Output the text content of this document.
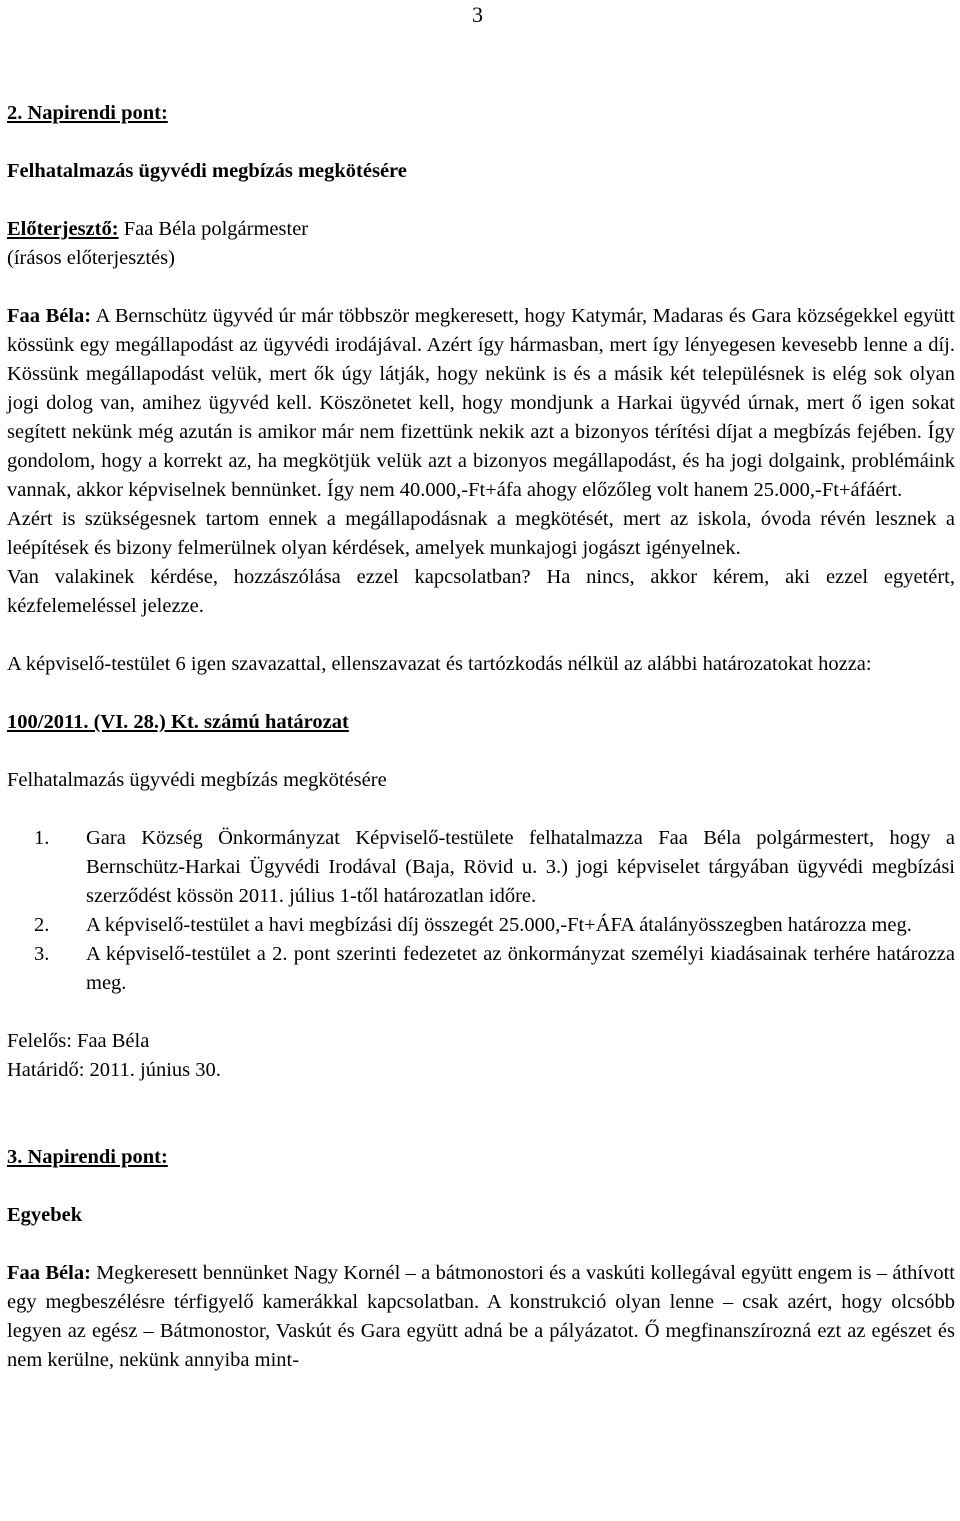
3
2. Napirendi pont:
Felhatalmazás ügyvédi megbízás megkötésére
Előterjesztő: Faa Béla polgármester
(írásos előterjesztés)

Faa Béla: A Bernschütz ügyvéd úr már többször megkeresett, hogy Katymár, Madaras és Gara községekkel együtt kössünk egy megállapodást az ügyvédi irodájával. Azért így hármasban, mert így lényegesen kevesebb lenne a díj. Kössünk megállapodást velük, mert ők úgy látják, hogy nekünk is és a másik két településnek is elég sok olyan jogi dolog van, amihez ügyvéd kell. Köszönetet kell, hogy mondjunk a Harkai ügyvéd úrnak, mert ő igen sokat segített nekünk még azután is amikor már nem fizettünk nekik azt a bizonyos térítési díjat a megbízás fejében. Így gondolom, hogy a korrekt az, ha megkötjük velük azt a bizonyos megállapodást, és ha jogi dolgaink, problémáink vannak, akkor képviselnek bennünket. Így nem 40.000,-Ft+áfa ahogy előzőleg volt hanem 25.000,-Ft+áfáért.

Azért is szükségesnek tartom ennek a megállapodásnak a megkötését, mert az iskola, óvoda révén lesznek a leépítések és bizony felmerülnek olyan kérdések, amelyek munkajogi jogászt igényelnek.

Van valakinek kérdése, hozzászólása ezzel kapcsolatban? Ha nincs, akkor kérem, aki ezzel egyetért, kézfelemeléssel jelezze.

A képviselő-testület 6 igen szavazattal, ellenszavazat és tartózkodás nélkül az alábbi határozatokat hozza:

100/2011. (VI. 28.) Kt. számú határozat
Felhatalmazás ügyvédi megbízás megkötésére
1.	Gara Község Önkormányzat Képviselő-testülete felhatalmazza Faa Béla polgármestert, hogy a Bernschütz-Harkai Ügyvédi Irodával (Baja, Rövid u. 3.) jogi képviselet tárgyában ügyvédi megbízási szerződést kössön 2011. július 1-től határozatlan időre.
2.	A képviselő-testület a havi megbízási díj összegét 25.000,-Ft+ÁFA átalányösszegben határozza meg.
3.	A képviselő-testület a 2. pont szerinti fedezetet az önkormányzat személyi kiadásainak terhére határozza meg.
Felelős: Faa Béla
Határidő: 2011. június 30.
3. Napirendi pont:
Egyebek

Faa Béla: Megkeresett bennünket Nagy Kornél – a bátmonostori és a vaskúti kollegával együtt engem is – áthívott egy megbeszélésre térfigyelő kamerákkal kapcsolatban. A konstrukció olyan lenne – csak azért, hogy olcsóbb legyen az egész – Bátmonostor, Vaskút és Gara együtt adná be a pályázatot. Ő megfinanszírozná ezt az egészet és nem kerülne, nekünk annyiba mint-
